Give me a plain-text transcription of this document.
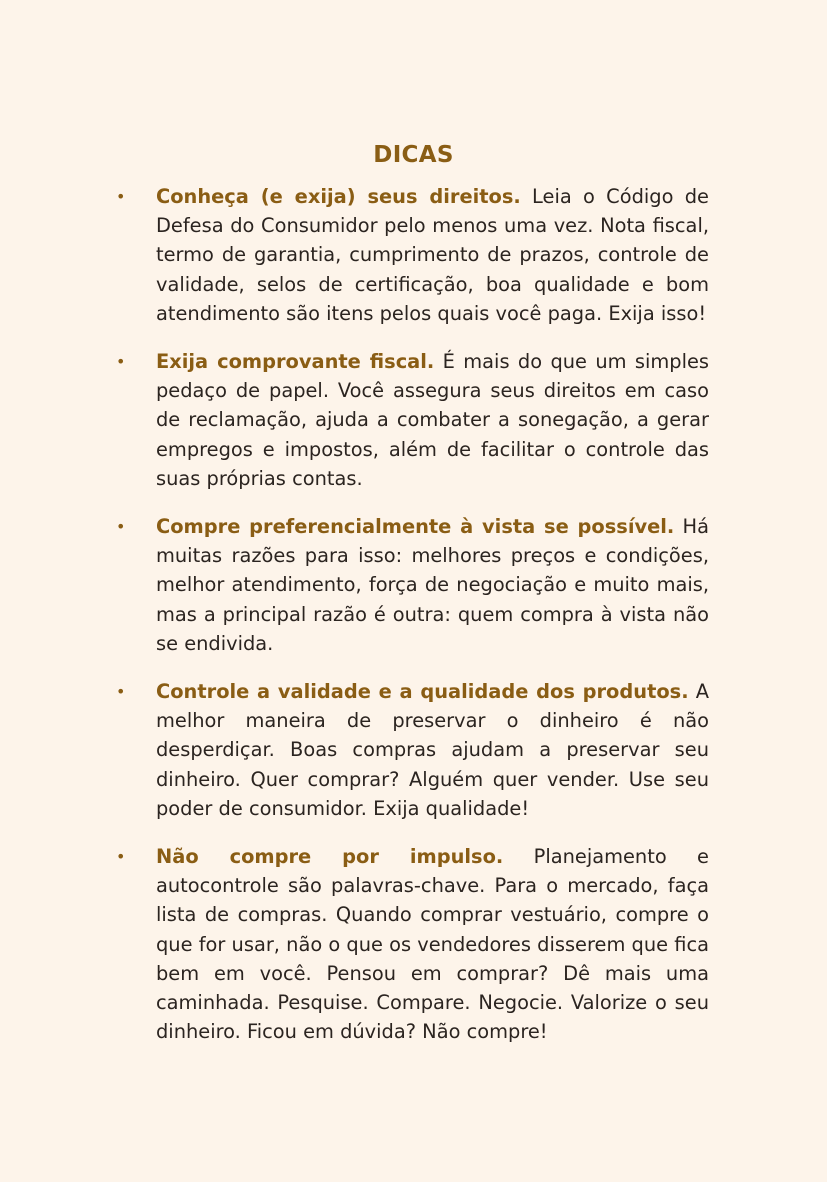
DICAS
• Conheça (e exija) seus direitos. Leia o Código de Defesa do Consumidor pelo menos uma vez. Nota fiscal, termo de garantia, cumprimento de prazos, controle de validade, selos de certificação, boa qualidade e bom atendimento são itens pelos quais você paga. Exija isso!
• Exija comprovante fiscal. É mais do que um simples pedaço de papel. Você assegura seus direitos em caso de reclamação, ajuda a combater a sonegação, a gerar empregos e impostos, além de facilitar o controle das suas próprias contas.
• Compre preferencialmente à vista se possível. Há muitas razões para isso: melhores preços e condições, melhor atendimento, força de negociação e muito mais, mas a principal razão é outra: quem compra à vista não se endivida.
• Controle a validade e a qualidade dos produtos. A melhor maneira de preservar o dinheiro é não desperdiçar. Boas compras ajudam a preservar seu dinheiro. Quer comprar? Alguém quer vender. Use seu poder de consumidor. Exija qualidade!
• Não compre por impulso. Planejamento e autocontrole são palavras-chave. Para o mercado, faça lista de compras. Quando comprar vestuário, compre o que for usar, não o que os vendedores disserem que fica bem em você. Pensou em comprar? Dê mais uma caminhada. Pesquise. Compare. Negocie. Valorize o seu dinheiro. Ficou em dúvida? Não compre!
